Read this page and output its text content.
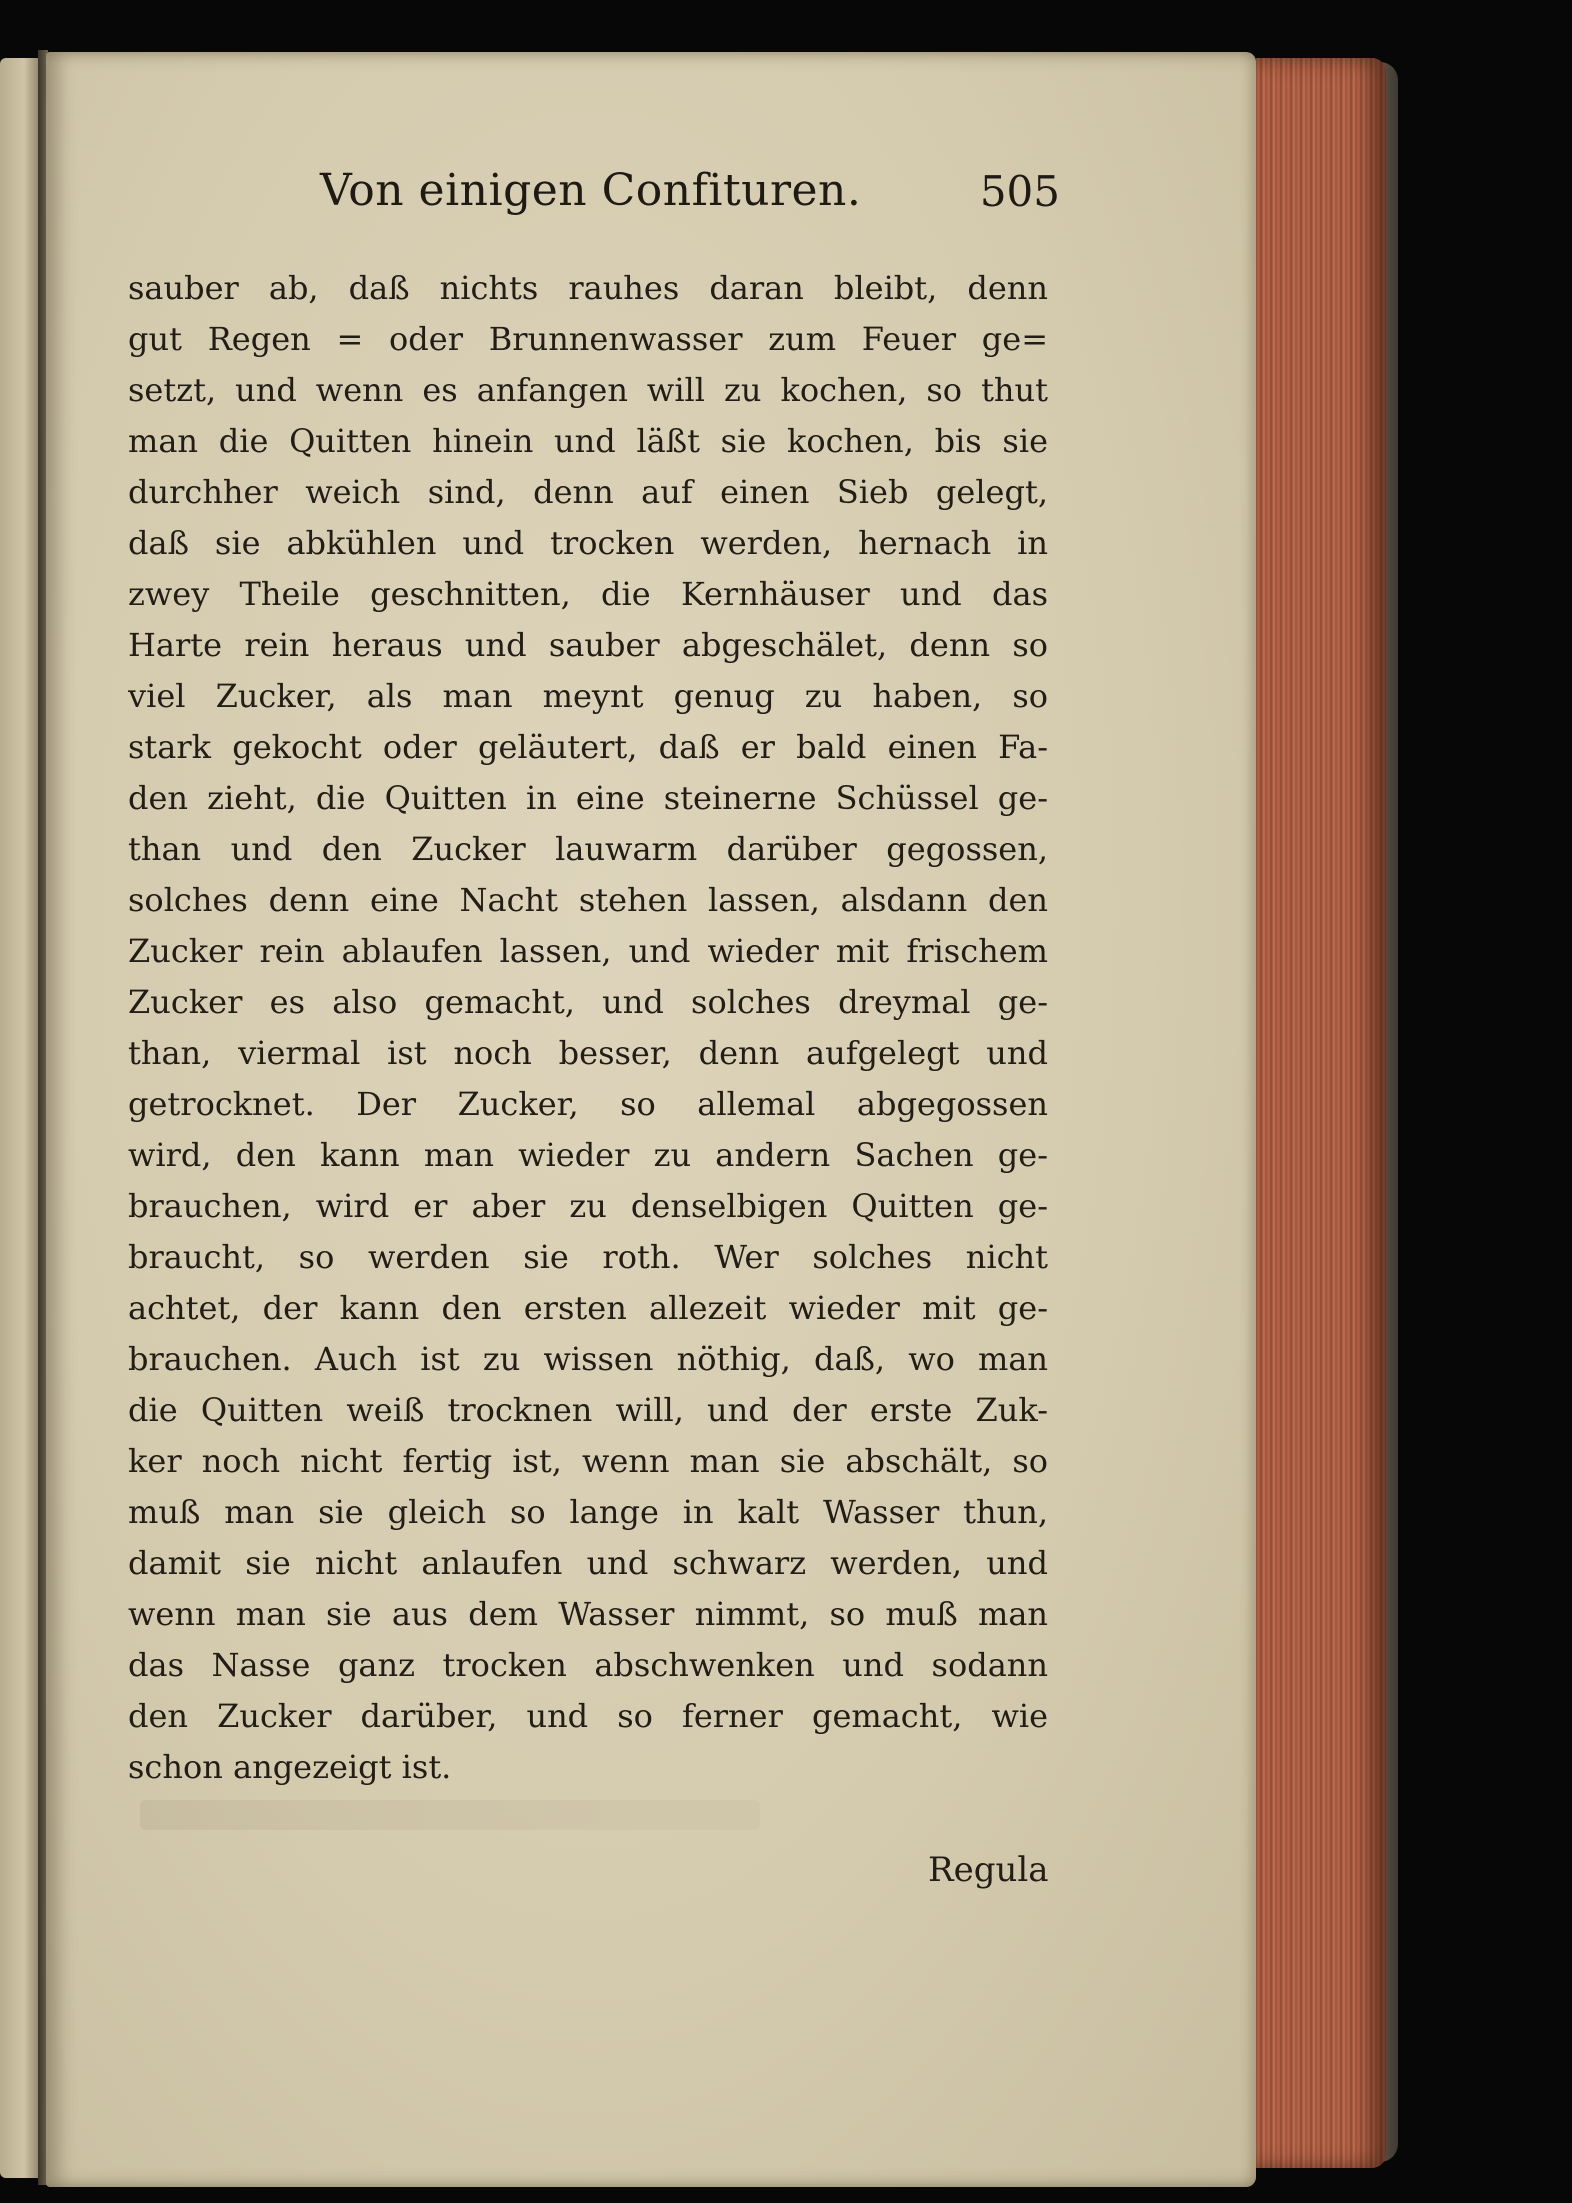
Von einigen Confituren.	505
sauber ab, daß nichts rauhes daran bleibt, denn
gut Regen = oder Brunnenwasser zum Feuer ge=
setzt, und wenn es anfangen will zu kochen, so thut
man die Quitten hinein und läßt sie kochen, bis sie
durchher weich sind, denn auf einen Sieb gelegt,
daß sie abkühlen und trocken werden, hernach in
zwey Theile geschnitten, die Kernhäuser und das
Harte rein heraus und sauber abgeschälet, denn so
viel Zucker, als man meynt genug zu haben, so
stark gekocht oder geläutert, daß er bald einen Fa-
den zieht, die Quitten in eine steinerne Schüssel ge-
than und den Zucker lauwarm darüber gegossen,
solches denn eine Nacht stehen lassen, alsdann den
Zucker rein ablaufen lassen, und wieder mit frischem
Zucker es also gemacht, und solches dreymal ge-
than, viermal ist noch besser, denn aufgelegt und
getrocknet. Der Zucker, so allemal abgegossen
wird, den kann man wieder zu andern Sachen ge-
brauchen, wird er aber zu denselbigen Quitten ge-
braucht, so werden sie roth. Wer solches nicht
achtet, der kann den ersten allezeit wieder mit ge-
brauchen. Auch ist zu wissen nöthig, daß, wo man
die Quitten weiß trocknen will, und der erste Zuk-
ker noch nicht fertig ist, wenn man sie abschält, so
muß man sie gleich so lange in kalt Wasser thun,
damit sie nicht anlaufen und schwarz werden, und
wenn man sie aus dem Wasser nimmt, so muß man
das Nasse ganz trocken abschwenken und sodann
den Zucker darüber, und so ferner gemacht, wie
schon angezeigt ist.
Regula
